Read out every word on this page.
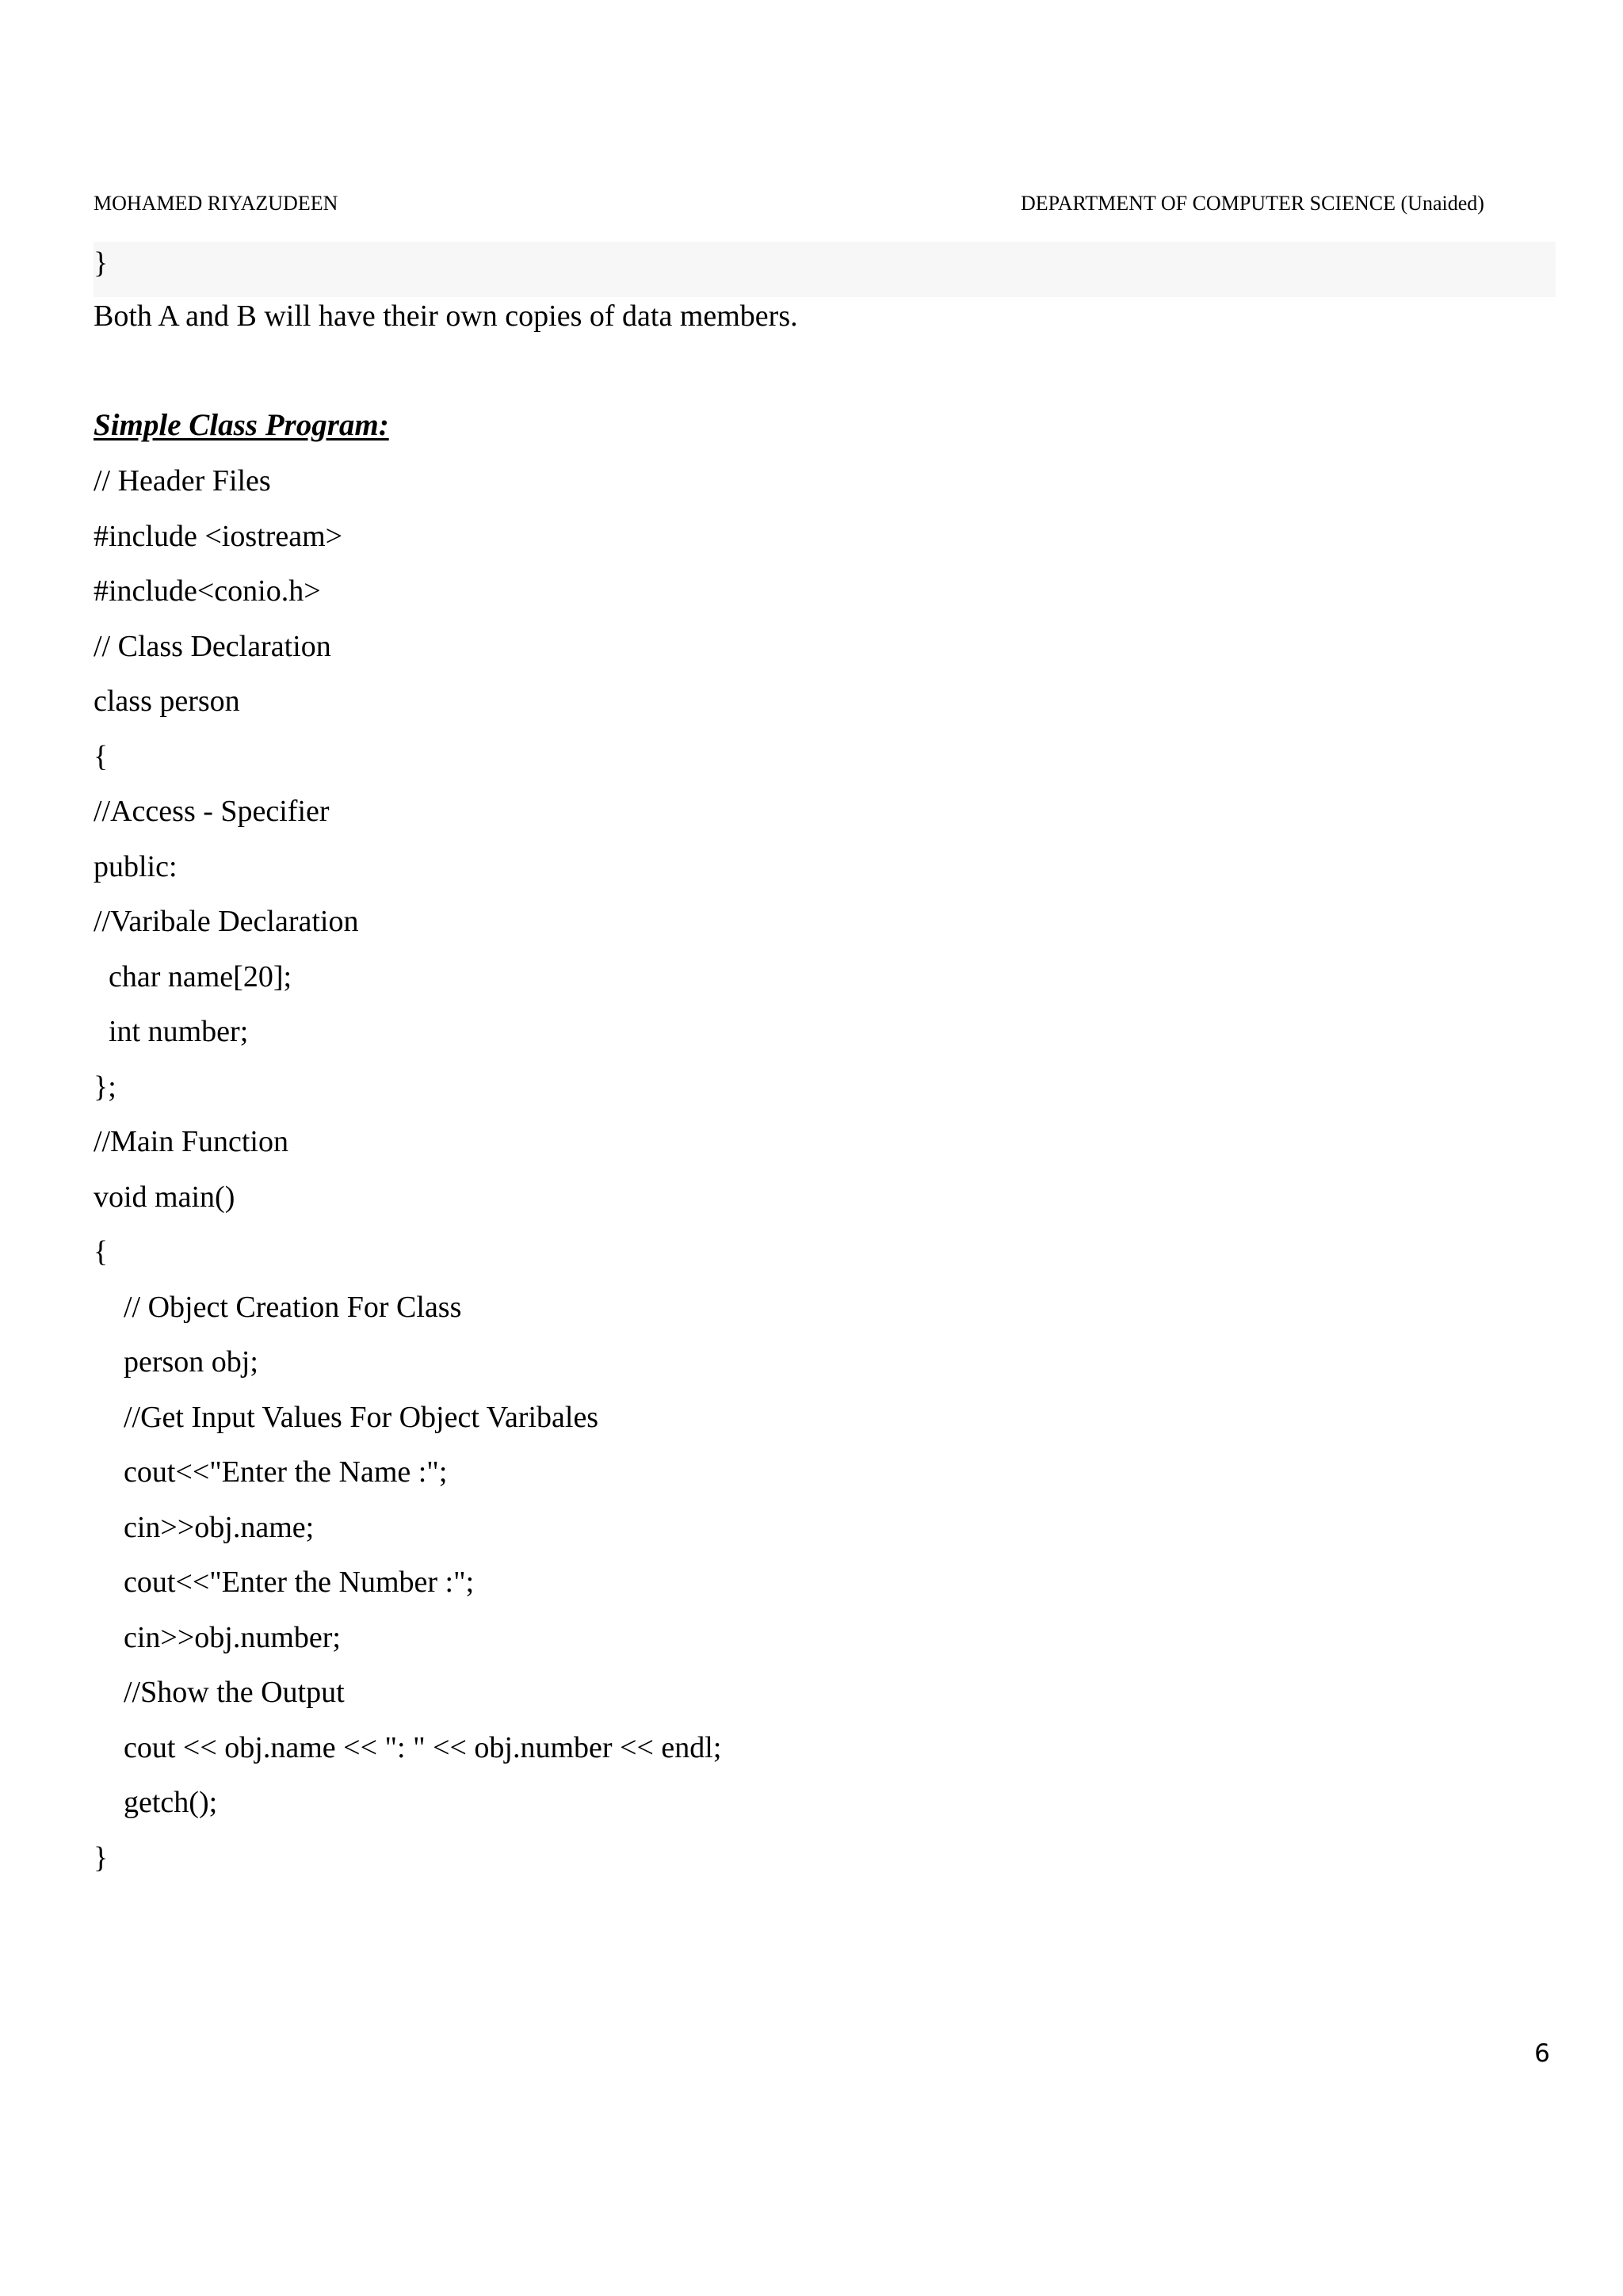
MOHAMED RIYAZUDEEN	DEPARTMENT OF COMPUTER SCIENCE (Unaided)
}
Both A and B will have their own copies of data members.
Simple Class Program:
// Header Files
#include <iostream>
#include<conio.h>
// Class Declaration
class person
{
//Access - Specifier
public:
//Varibale Declaration
char name[20];
int number;
};
//Main Function
void main()
{
// Object Creation For Class
person obj;
//Get Input Values For Object Varibales
cout<<"Enter the Name :";
cin>>obj.name;
cout<<"Enter the Number :";
cin>>obj.number;
//Show the Output
cout << obj.name << ": " << obj.number << endl;
getch();
}
6
